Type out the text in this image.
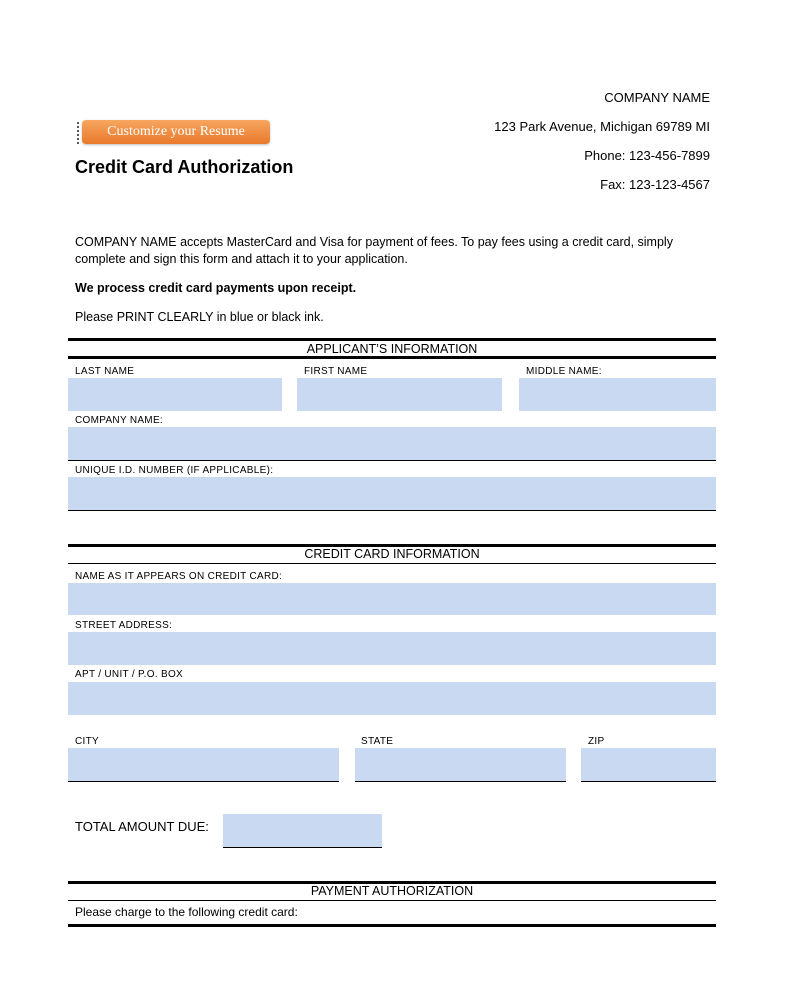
COMPANY NAME
123 Park Avenue, Michigan 69789 MI
Phone: 123-456-7899
Fax: 123-123-4567
Customize your Resume
Credit Card Authorization
COMPANY NAME accepts MasterCard and Visa for payment of fees. To pay fees using a credit card, simply
complete and sign this form and attach it to your application.
We process credit card payments upon receipt.
Please PRINT CLEARLY in blue or black ink.
APPLICANT’S INFORMATION
LAST NAME	FIRST NAME	MIDDLE NAME:
COMPANY NAME:
UNIQUE I.D. NUMBER (IF APPLICABLE):
CREDIT CARD INFORMATION
NAME AS IT APPEARS ON CREDIT CARD:
STREET ADDRESS:
APT / UNIT / P.O. BOX
CITY	STATE	ZIP
TOTAL AMOUNT DUE:
PAYMENT AUTHORIZATION
Please charge to the following credit card:
